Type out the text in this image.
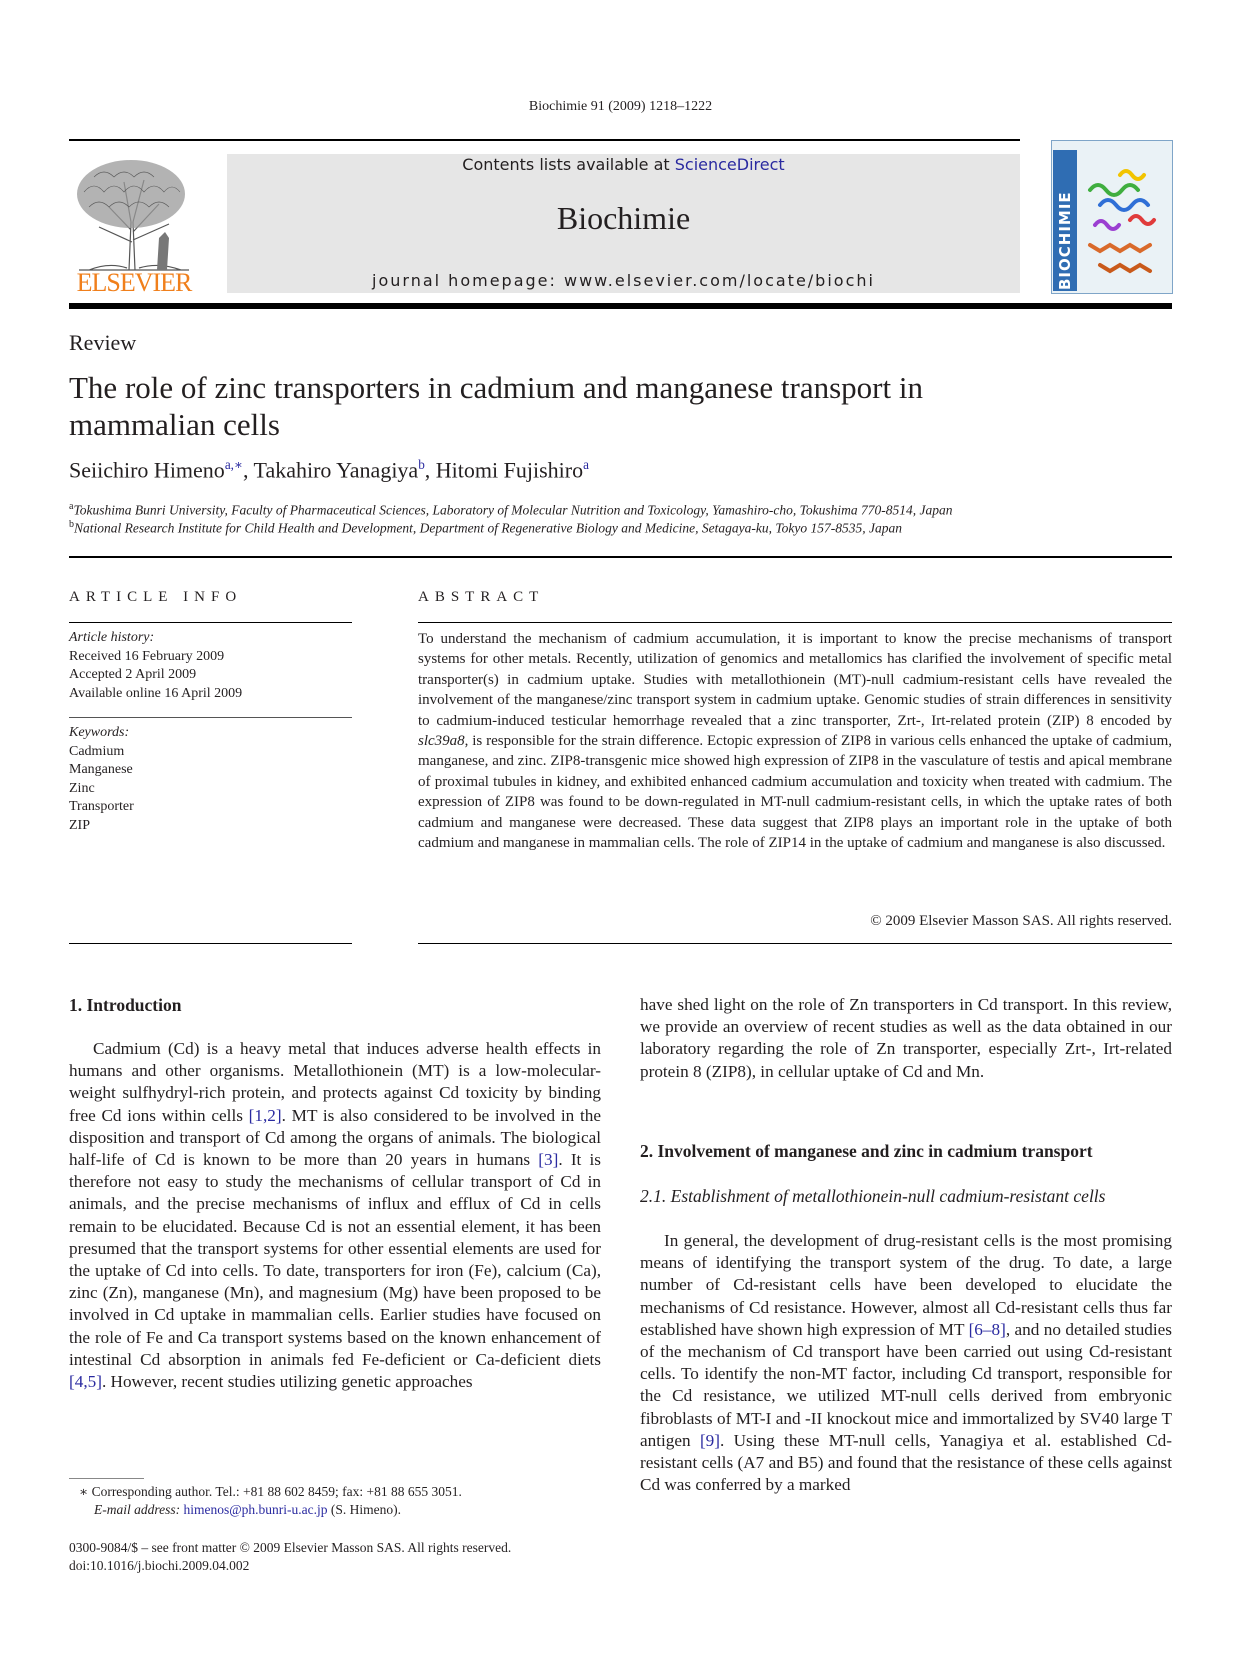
Biochimie 91 (2009) 1218–1222
ELSEVIER
Contents lists available at ScienceDirect
Biochimie
journal homepage: www.elsevier.com/locate/biochi	BIOCHIMIE
Review
The role of zinc transporters in cadmium and manganese transport in mammalian cells
Seiichiro Himeno$^{a,∗}$, Takahiro Yanagiya$^b$, Hitomi Fujishiro$^a$
$^a$Tokushima Bunri University, Faculty of Pharmaceutical Sciences, Laboratory of Molecular Nutrition and Toxicology, Yamashiro-cho, Tokushima 770-8514, Japan
$^b$National Research Institute for Child Health and Development, Department of Regenerative Biology and Medicine, Setagaya-ku, Tokyo 157-8535, Japan
ARTICLE INFO	ABSTRACT
Article history:
Received 16 February 2009
Accepted 2 April 2009
Available online 16 April 2009
Keywords:
Cadmium
Manganese
Zinc
Transporter
ZIP
To understand the mechanism of cadmium accumulation, it is important to know the precise mechanisms of transport systems for other metals. Recently, utilization of genomics and metallomics has clarified the involvement of specific metal transporter(s) in cadmium uptake. Studies with metallothionein (MT)-null cadmium-resistant cells have revealed the involvement of the manganese/zinc transport system in cadmium uptake. Genomic studies of strain differences in sensitivity to cadmium-induced testicular hemorrhage revealed that a zinc transporter, Zrt-, Irt-related protein (ZIP) 8 encoded by slc39a8, is responsible for the strain difference. Ectopic expression of ZIP8 in various cells enhanced the uptake of cadmium, manganese, and zinc. ZIP8-transgenic mice showed high expression of ZIP8 in the vasculature of testis and apical membrane of proximal tubules in kidney, and exhibited enhanced cadmium accumulation and toxicity when treated with cadmium. The expression of ZIP8 was found to be down-regulated in MT-null cadmium-resistant cells, in which the uptake rates of both cadmium and manganese were decreased. These data suggest that ZIP8 plays an important role in the uptake of both cadmium and manganese in mammalian cells. The role of ZIP14 in the uptake of cadmium and manganese is also discussed.
© 2009 Elsevier Masson SAS. All rights reserved.
1. Introduction
Cadmium (Cd) is a heavy metal that induces adverse health effects in humans and other organisms. Metallothionein (MT) is a low-molecular-weight sulfhydryl-rich protein, and protects against Cd toxicity by binding free Cd ions within cells [1,2]. MT is also considered to be involved in the disposition and transport of Cd among the organs of animals. The biological half-life of Cd is known to be more than 20 years in humans [3]. It is therefore not easy to study the mechanisms of cellular transport of Cd in animals, and the precise mechanisms of influx and efflux of Cd in cells remain to be elucidated. Because Cd is not an essential element, it has been presumed that the transport systems for other essential elements are used for the uptake of Cd into cells. To date, transporters for iron (Fe), calcium (Ca), zinc (Zn), manganese (Mn), and magnesium (Mg) have been proposed to be involved in Cd uptake in mammalian cells. Earlier studies have focused on the role of Fe and Ca transport systems based on the known enhancement of intestinal Cd absorption in animals fed Fe-deficient or Ca-deficient diets [4,5]. However, recent studies utilizing genetic approaches
have shed light on the role of Zn transporters in Cd transport. In this review, we provide an overview of recent studies as well as the data obtained in our laboratory regarding the role of Zn transporter, especially Zrt-, Irt-related protein 8 (ZIP8), in cellular uptake of Cd and Mn.
2. Involvement of manganese and zinc in cadmium transport
2.1. Establishment of metallothionein-null cadmium-resistant cells
In general, the development of drug-resistant cells is the most promising means of identifying the transport system of the drug. To date, a large number of Cd-resistant cells have been developed to elucidate the mechanisms of Cd resistance. However, almost all Cd-resistant cells thus far established have shown high expression of MT [6–8], and no detailed studies of the mechanism of Cd transport have been carried out using Cd-resistant cells. To identify the non-MT factor, including Cd transport, responsible for the Cd resistance, we utilized MT-null cells derived from embryonic fibroblasts of MT-I and -II knockout mice and immortalized by SV40 large T antigen [9]. Using these MT-null cells, Yanagiya et al. established Cd-resistant cells (A7 and B5) and found that the resistance of these cells against Cd was conferred by a marked
∗ Corresponding author. Tel.: +81 88 602 8459; fax: +81 88 655 3051.
E-mail address: himenos@ph.bunri-u.ac.jp (S. Himeno).
0300-9084/$ – see front matter © 2009 Elsevier Masson SAS. All rights reserved.
doi:10.1016/j.biochi.2009.04.002
